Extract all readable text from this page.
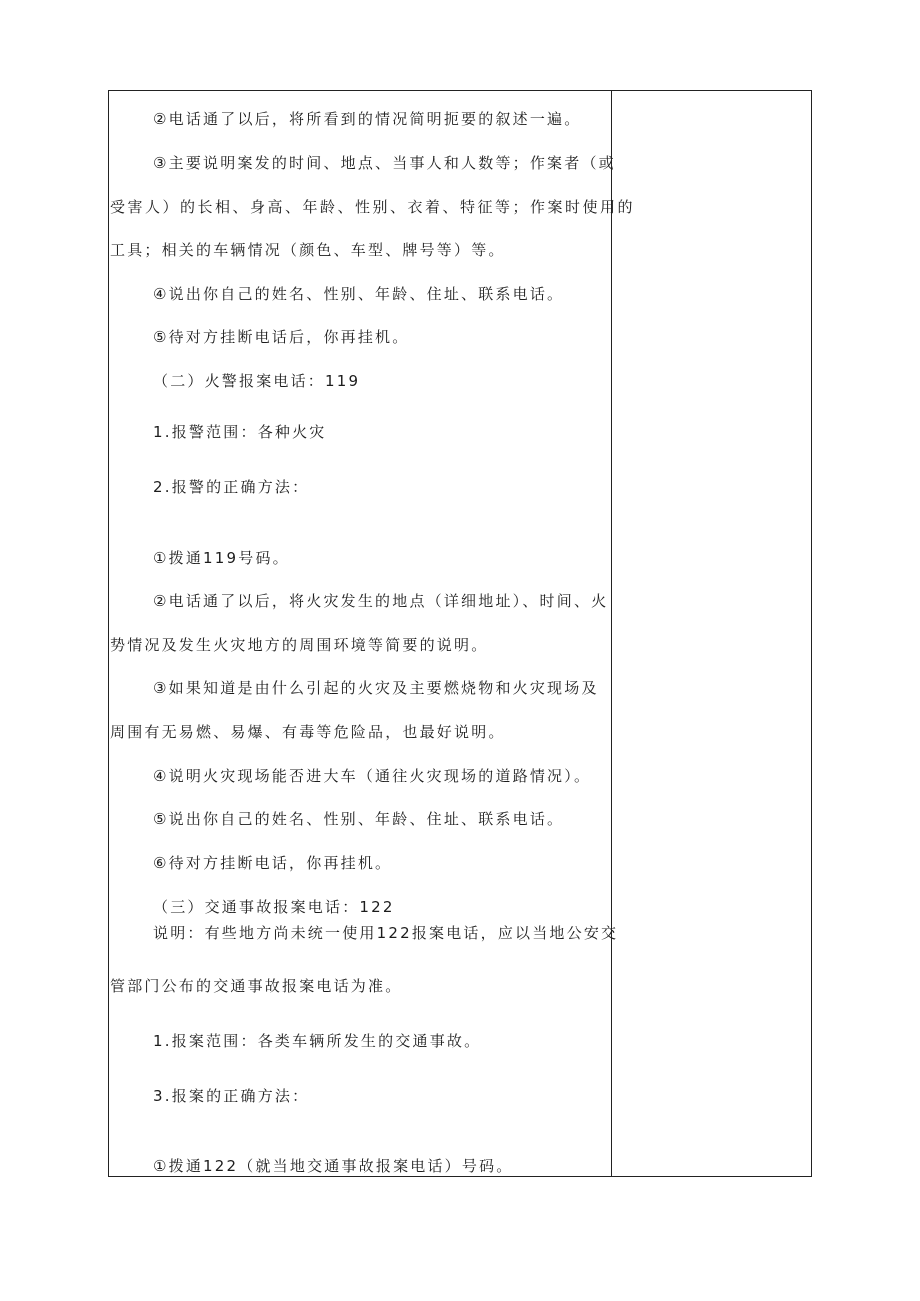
②电话通了以后，将所看到的情况简明扼要的叙述一遍。
③主要说明案发的时间、地点、当事人和人数等；作案者（或
受害人）的长相、身高、年龄、性别、衣着、特征等；作案时使用的
工具；相关的车辆情况（颜色、车型、牌号等）等。
④说出你自己的姓名、性别、年龄、住址、联系电话。
⑤待对方挂断电话后，你再挂机。
（二）火警报案电话：119
1.报警范围：各种火灾
2.报警的正确方法：
①拨通119号码。
②电话通了以后，将火灾发生的地点（详细地址）、时间、火
势情况及发生火灾地方的周围环境等简要的说明。
③如果知道是由什么引起的火灾及主要燃烧物和火灾现场及
周围有无易燃、易爆、有毒等危险品，也最好说明。
④说明火灾现场能否进大车（通往火灾现场的道路情况）。
⑤说出你自己的姓名、性别、年龄、住址、联系电话。
⑥待对方挂断电话，你再挂机。
（三）交通事故报案电话：122
说明：有些地方尚未统一使用122报案电话，应以当地公安交
管部门公布的交通事故报案电话为准。
1.报案范围：各类车辆所发生的交通事故。
3.报案的正确方法：
①拨通122（就当地交通事故报案电话）号码。
